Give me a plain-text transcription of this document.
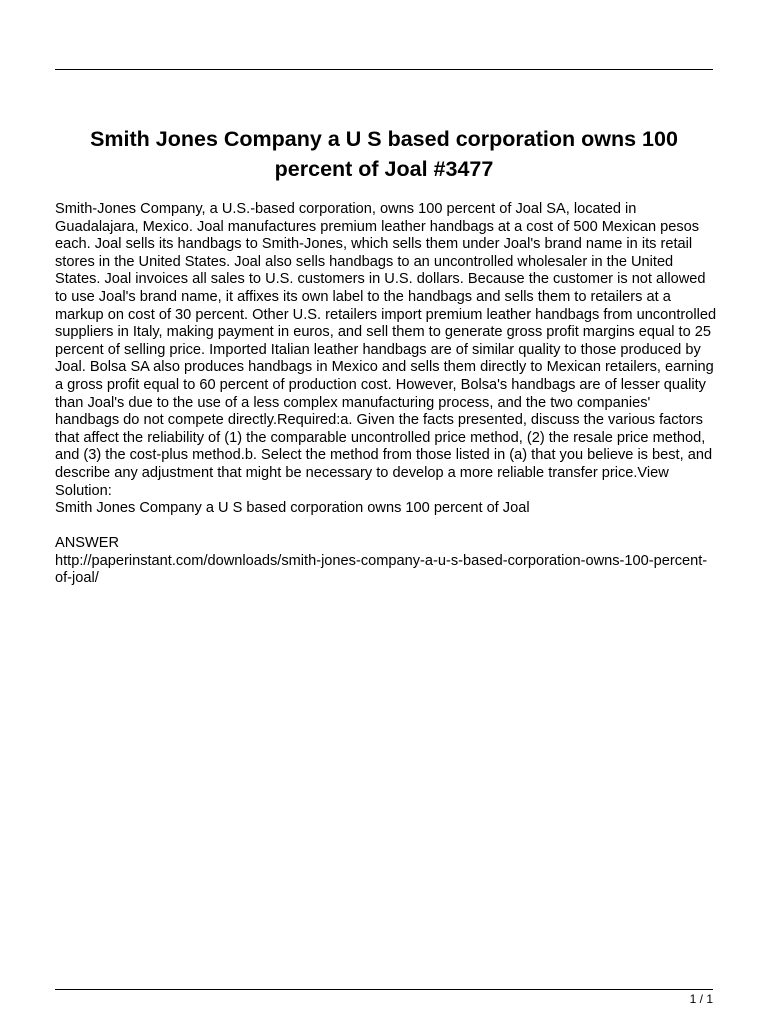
Smith Jones Company a U S based corporation owns 100 percent of Joal #3477

Smith-Jones Company, a U.S.-based corporation, owns 100 percent of Joal SA, located in Guadalajara, Mexico. Joal manufactures premium leather handbags at a cost of 500 Mexican pesos each. Joal sells its handbags to Smith-Jones, which sells them under Joal's brand name in its retail stores in the United States. Joal also sells handbags to an uncontrolled wholesaler in the United States. Joal invoices all sales to U.S. customers in U.S. dollars. Because the customer is not allowed to use Joal's brand name, it affixes its own label to the handbags and sells them to retailers at a markup on cost of 30 percent. Other U.S. retailers import premium leather handbags from uncontrolled suppliers in Italy, making payment in euros, and sell them to generate gross profit margins equal to 25 percent of selling price. Imported Italian leather handbags are of similar quality to those produced by Joal. Bolsa SA also produces handbags in Mexico and sells them directly to Mexican retailers, earning a gross profit equal to 60 percent of production cost. However, Bolsa's handbags are of lesser quality than Joal's due to the use of a less complex manufacturing process, and the two companies' handbags do not compete directly.Required:a. Given the facts presented, discuss the various factors that affect the reliability of (1) the comparable uncontrolled price method, (2) the resale price method, and (3) the cost-plus method.b. Select the method from those listed in (a) that you believe is best, and describe any adjustment that might be necessary to develop a more reliable transfer price.View Solution:

Smith Jones Company a U S based corporation owns 100 percent of Joal

ANSWER

http://paperinstant.com/downloads/smith-jones-company-a-u-s-based-corporation-owns-100-percent-of-joal/

1 / 1
